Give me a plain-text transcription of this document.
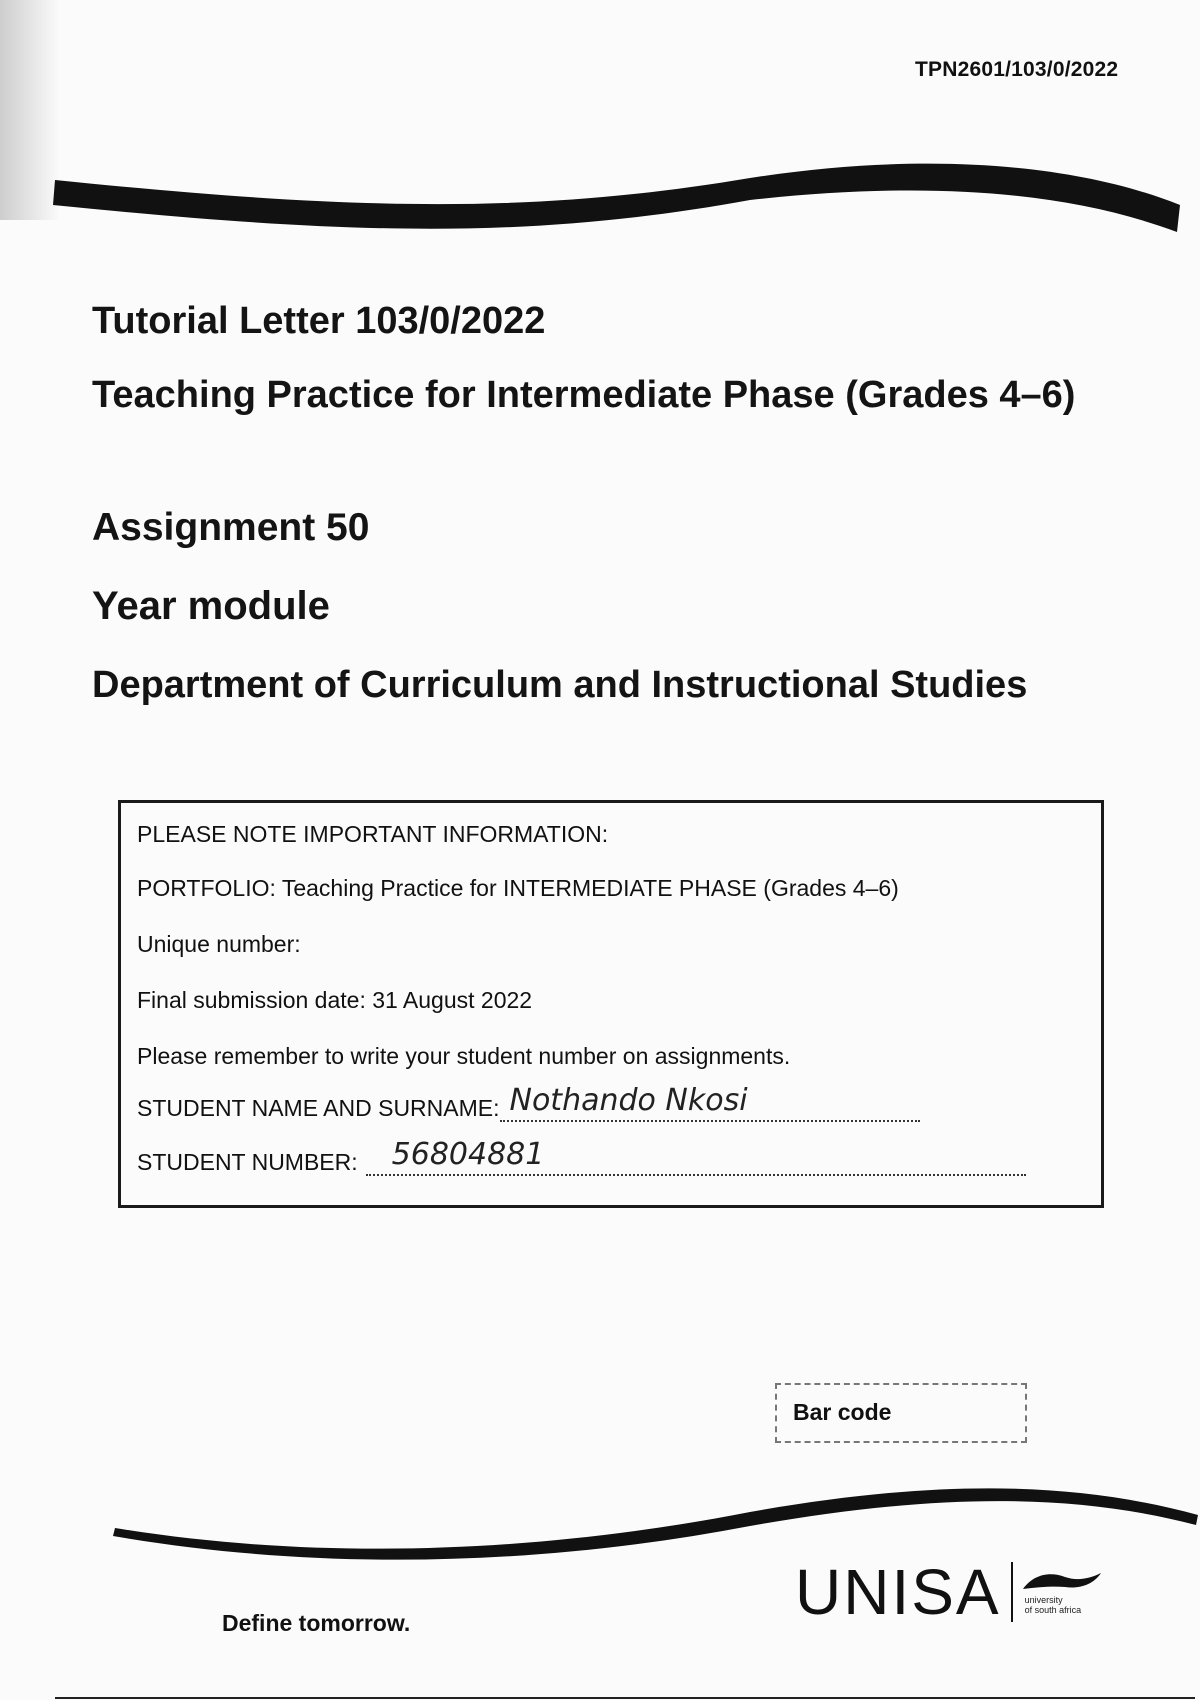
TPN2601/103/0/2022
Tutorial Letter 103/0/2022
Teaching Practice for Intermediate Phase (Grades 4–6)
Assignment 50
Year module
Department of Curriculum and Instructional Studies
PLEASE NOTE IMPORTANT INFORMATION:
PORTFOLIO: Teaching Practice for INTERMEDIATE PHASE (Grades 4–6)
Unique number:
Final submission date: 31 August 2022
Please remember to write your student number on assignments.
STUDENT NAME AND SURNAME: Nothando Nkosi
STUDENT NUMBER: 56804881
Bar code
Define tomorrow.	UNISA	university
of south africa
